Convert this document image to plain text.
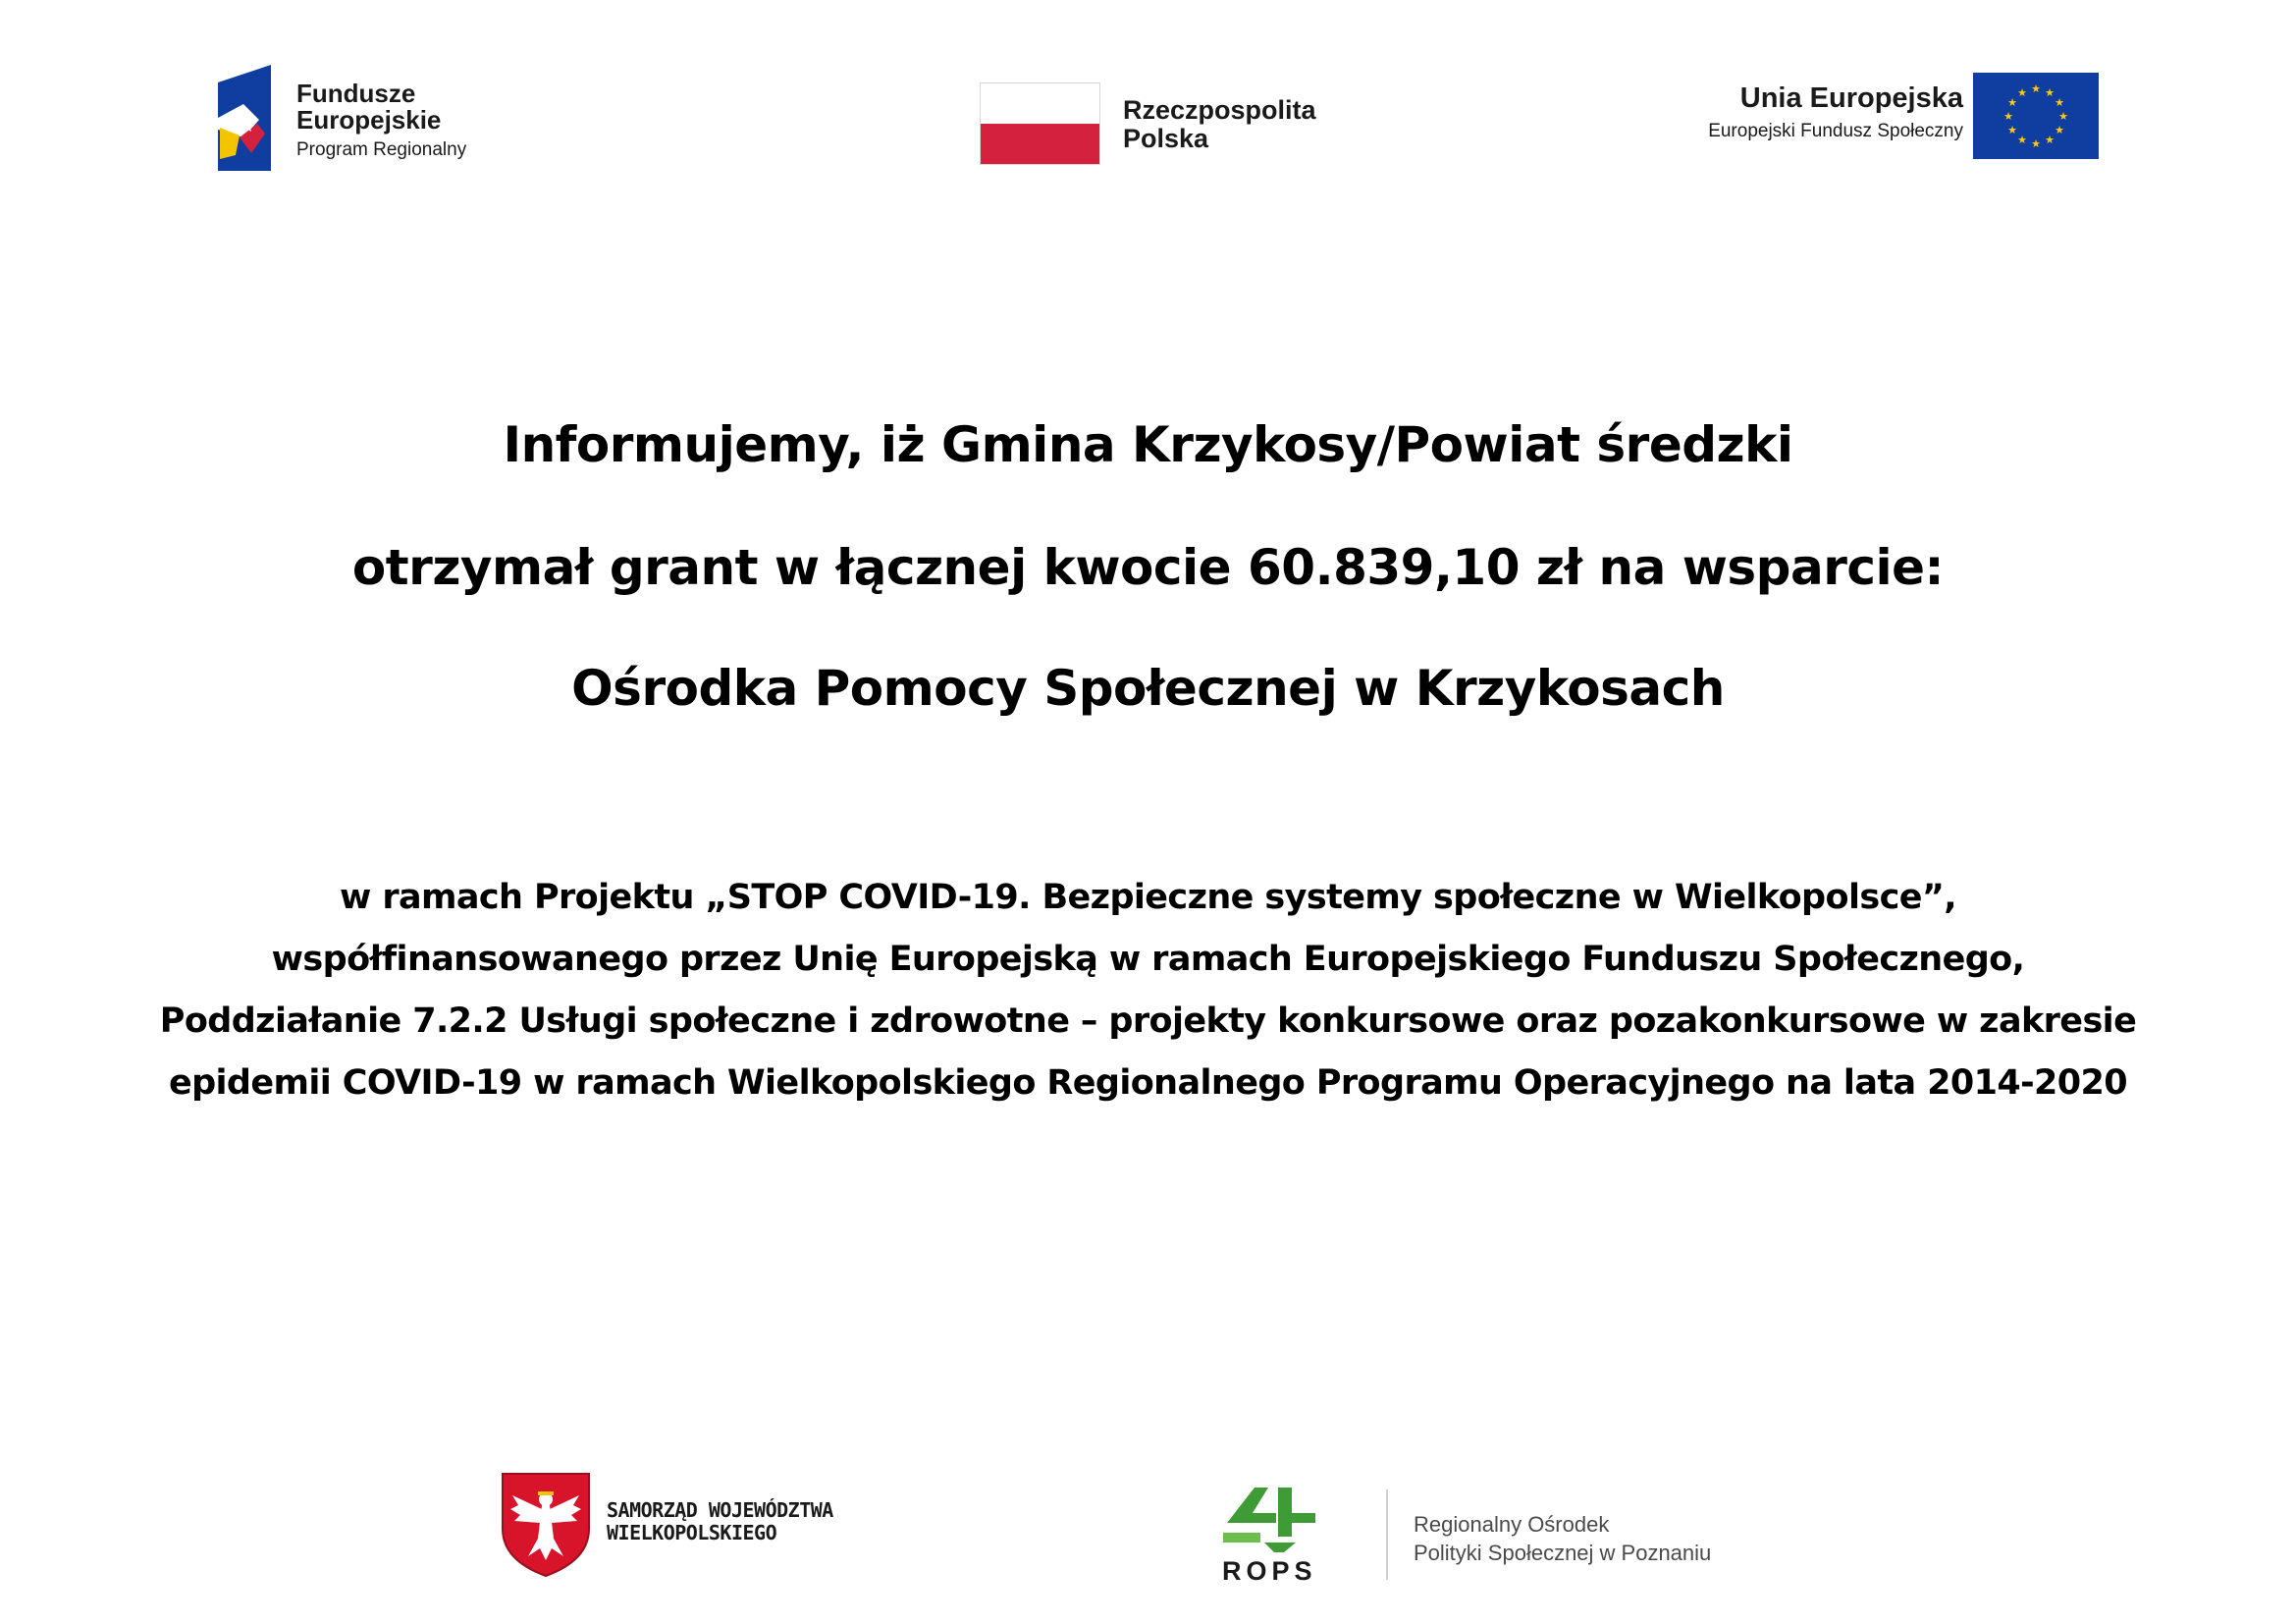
Fundusze
Europejskie
Program Regionalny
Rzeczpospolita
Polska
Unia Europejska
Europejski Fundusz Społeczny
★ ★
★
★
★
★
★
★
★
★
★
★
Informujemy, iż Gmina Krzykosy/Powiat średzki
otrzymał grant w łącznej kwocie 60.839,10 zł na wsparcie:
Ośrodka Pomocy Społecznej w Krzykosach
w ramach Projektu „STOP COVID-19. Bezpieczne systemy społeczne w Wielkopolsce”,
współfinansowanego przez Unię Europejską w ramach Europejskiego Funduszu Społecznego,
Poddziałanie 7.2.2 Usługi społeczne i zdrowotne – projekty konkursowe oraz pozakonkursowe w zakresie
epidemii COVID-19 w ramach Wielkopolskiego Regionalnego Programu Operacyjnego na lata 2014-2020
SAMORZĄD WOJEWÓDZTWA
WIELKOPOLSKIEGO
ROPS
Regionalny Ośrodek
Polityki Społecznej w Poznaniu
